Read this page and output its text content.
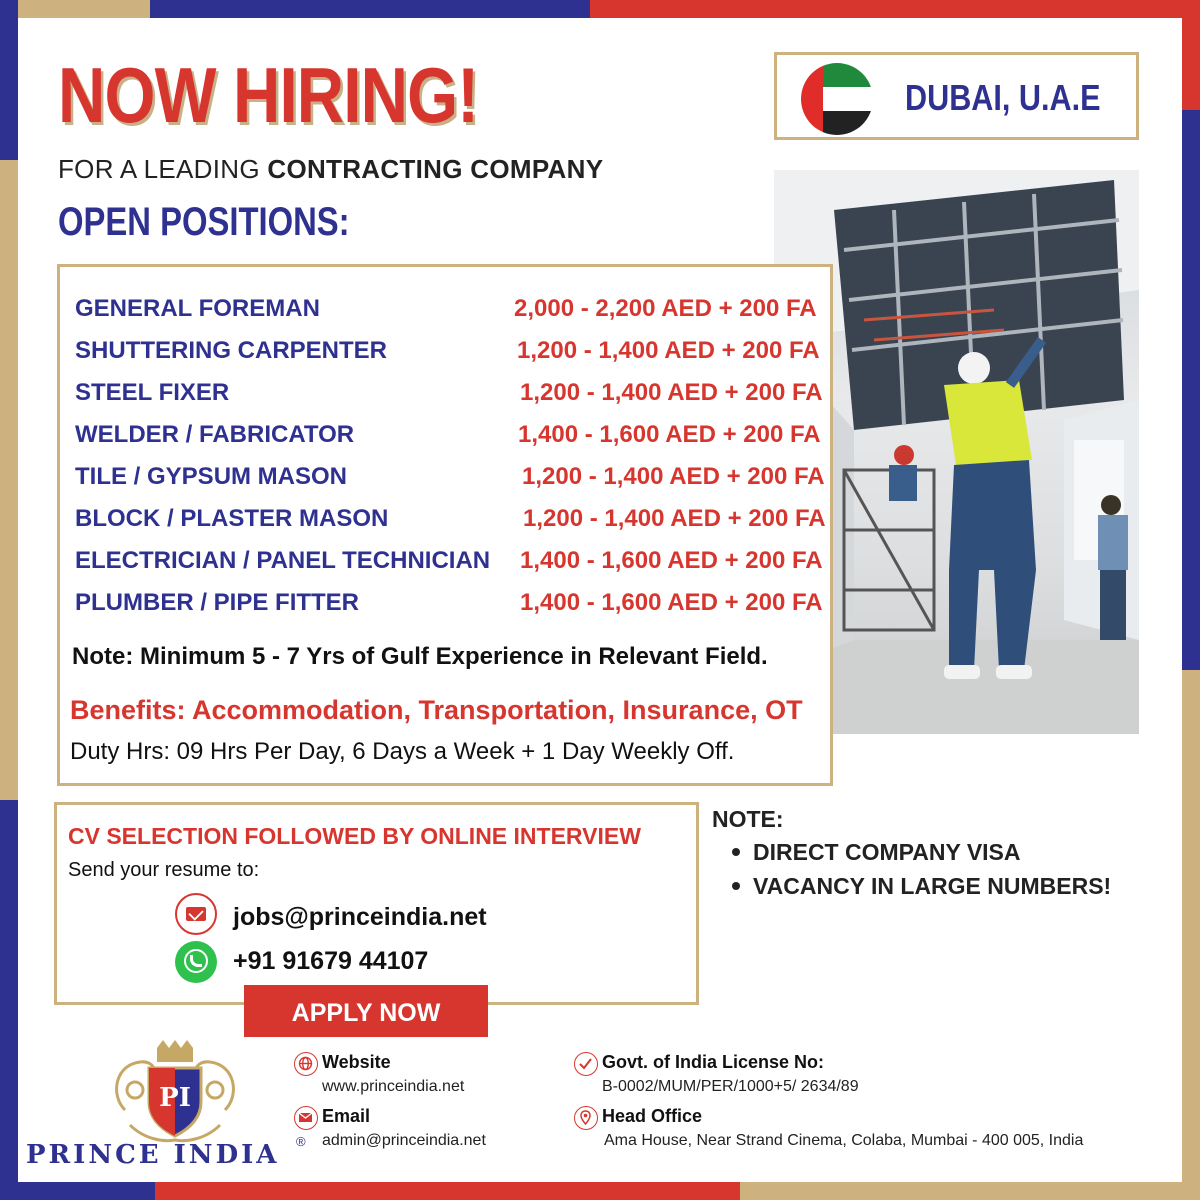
NOW HIRING!
FOR A LEADING CONTRACTING COMPANY
OPEN POSITIONS:
DUBAI, U.A.E
GENERAL FOREMAN	2,000 - 2,200 AED + 200 FA
SHUTTERING CARPENTER	1,200 - 1,400 AED + 200 FA
STEEL FIXER	1,200 - 1,400 AED + 200 FA
WELDER / FABRICATOR	1,400 - 1,600 AED + 200 FA
TILE / GYPSUM MASON	1,200 - 1,400 AED + 200 FA
BLOCK / PLASTER MASON	1,200 - 1,400 AED + 200 FA
ELECTRICIAN / PANEL TECHNICIAN 1,400 - 1,600 AED + 200 FA
PLUMBER / PIPE FITTER	1,400 - 1,600 AED + 200 FA
Note: Minimum 5 - 7 Yrs of Gulf Experience in Relevant Field.
Benefits: Accommodation, Transportation, Insurance, OT
Duty Hrs: 09 Hrs Per Day, 6 Days a Week + 1 Day Weekly Off.
CV SELECTION FOLLOWED BY ONLINE INTERVIEW
Send your resume to:
jobs@princeindia.net
+91 91679 44107
APPLY NOW
NOTE:
DIRECT COMPANY VISA
VACANCY IN LARGE NUMBERS!
PI
PRINCE INDIA ®
Website
www.princeindia.net
Email
admin@princeindia.net
Govt. of India License No:
B-0002/MUM/PER/1000+5/ 2634/89
Head Office
Ama House, Near Strand Cinema, Colaba, Mumbai - 400 005, India
